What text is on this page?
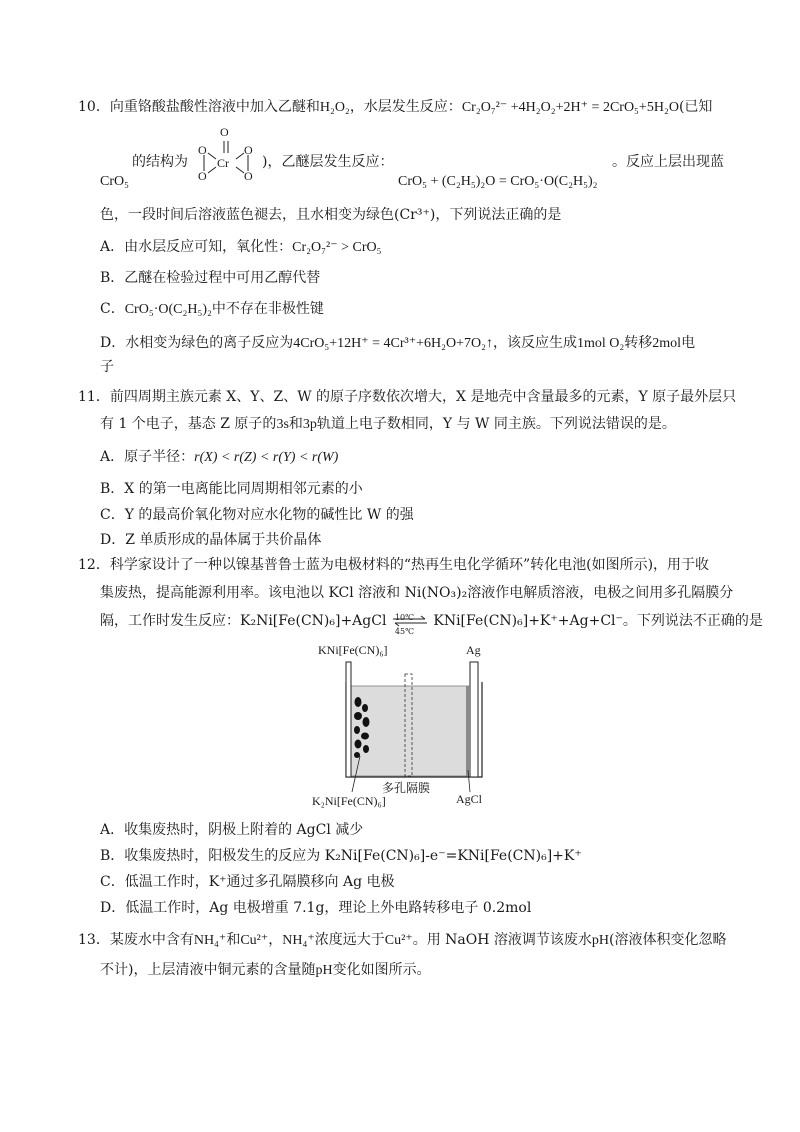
10．向重铬酸盐酸性溶液中加入乙醚和H₂O₂，水层发生反应：Cr₂O₇²⁻ +4H₂O₂+2H⁺ = 2CrO₅+5H₂O(已知
O
Cr
O
O
O
O
的结构为	)，乙醚层发生反应：	。反应上层出现蓝
CrO₅	CrO₅ + (C₂H₅)₂O = CrO₅·O(C₂H₅)₂
色，一段时间后溶液蓝色褪去，且水相变为绿色(Cr³⁺)，下列说法正确的是
A．由水层反应可知，氧化性：Cr₂O₇²⁻ > CrO₅
B．乙醚在检验过程中可用乙醇代替
C．CrO₅·O(C₂H₅)₂中不存在非极性键
D．水相变为绿色的离子反应为4CrO₅+12H⁺ = 4Cr³⁺+6H₂O+7O₂↑，该反应生成1mol O₂转移2mol电
子
11．前四周期主族元素 X、Y、Z、W 的原子序数依次增大，X 是地壳中含量最多的元素，Y 原子最外层只
有 1 个电子，基态 Z 原子的3s和3p轨道上电子数相同，Y 与 W 同主族。下列说法错误的是。
A．原子半径：r(X) < r(Z) < r(Y) < r(W)
B．X 的第一电离能比同周期相邻元素的小
C．Y 的最高价氧化物对应水化物的碱性比 W 的强
D．Z 单质形成的晶体属于共价晶体
12．科学家设计了一种以镍基普鲁士蓝为电极材料的“热再生电化学循环”转化电池(如图所示)，用于收
集废热，提高能源利用率。该电池以 KCl 溶液和 Ni(NO₃)₂溶液作电解质溶液，电极之间用多孔隔膜分
隔，工作时发生反应：K₂Ni[Fe(CN)₆]+AgCl 10℃
45℃
KNi[Fe(CN)₆]+K⁺+Ag+Cl⁻。下列说法不正确的是
KNi[Fe(CN)₆]	Ag
多孔隔膜
K₂Ni[Fe(CN)₆]	AgCl
A．收集废热时，阴极上附着的 AgCl 减少
B．收集废热时，阳极发生的反应为 K₂Ni[Fe(CN)₆]-e⁻=KNi[Fe(CN)₆]+K⁺
C．低温工作时，K⁺通过多孔隔膜移向 Ag 电极
D．低温工作时，Ag 电极增重 7.1g，理论上外电路转移电子 0.2mol
13．某废水中含有NH₄⁺和Cu²⁺，NH₄⁺浓度远大于Cu²⁺。用 NaOH 溶液调节该废水pH(溶液体积变化忽略
不计)，上层清液中铜元素的含量随pH变化如图所示。
